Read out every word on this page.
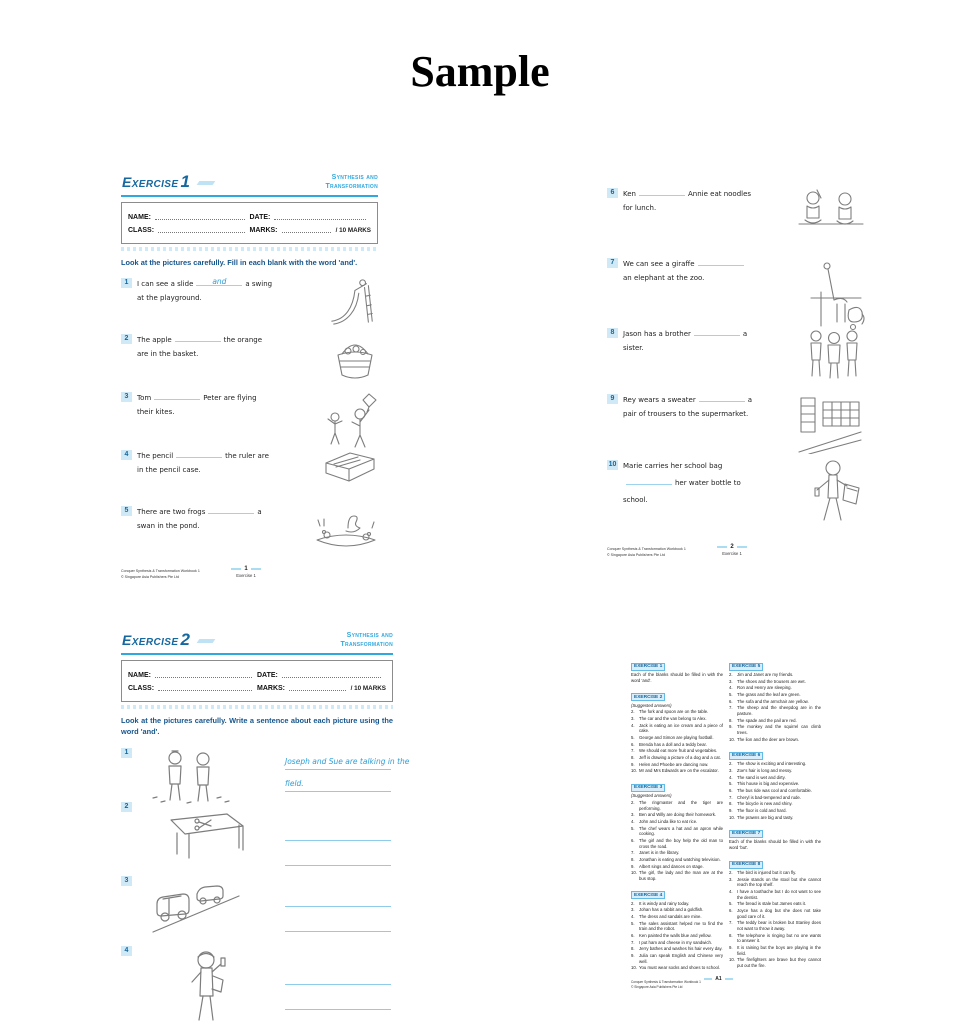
Sample
Exercise 1	Synthesis and
Transformation
NAME:	DATE:
CLASS:	MARKS:	/ 10 MARKS
Look at the pictures carefully. Fill in each blank with the word 'and'.
1	I can see a slide	and	a swing
at the playground.
2	The apple	the orange
are in the basket.
3	Tom	Peter are flying
their kites.
4	The pencil	the ruler are
in the pencil case.
5	There are two frogs	a
swan in the pond.
Conquer Synthesis & Transformation Workbook 1
© Singapore Asia Publishers Pte Ltd
1
Exercise 1
6	Ken	Annie eat noodles
for lunch.
7	We can see a giraffe
an elephant at the zoo.
8	Jason has a brother	a
sister.
9	Rey wears a sweater	a
pair of trousers to the supermarket.
10 Marie carries her school bag
her water bottle to
school.
Conquer Synthesis & Transformation Workbook 1
© Singapore Asia Publishers Pte Ltd
2
Exercise 1
Exercise 2	Synthesis and
Transformation
NAME:	DATE:
CLASS:	MARKS:	/ 10 MARKS
Look at the pictures carefully. Write a sentence about each picture using the word 'and'.
1
Joseph and Sue are talking in the
field.
2
3
4
EXERCISE 1
Each of the blanks should be filled in with the word 'and'.
EXERCISE 2
(Suggested answers)
2.	The fork and spoon are on the table.
3.	The car and the van belong to Alex.
4.	Jack is eating an ice cream and a piece of cake.
5.	George and Simon are playing football.
6.	Brenda has a doll and a teddy bear.
7.	We should eat more fruit and vegetables.
8.	Jeff is drawing a picture of a dog and a cat.
9.	Helen and Phoebe are dancing now.
10. Mr and Mrs Edwards are on the escalator.
EXERCISE 3
(Suggested answers)
2.	The ringmaster and the tiger are performing.
3.	Ben and Willy are doing their homework.
4.	John and Linda like to eat rice.
5.	The chef wears a hat and an apron while cooking.
6.	The girl and the boy help the old man to cross the road.
7.	Janet is in the library.
8.	Jonathan is eating and watching television.
9.	Albert sings and dances on stage.
10. The girl, the lady and the man are at the bus stop.
EXERCISE 4
2.	It is windy and rainy today.
3.	Johan has a rabbit and a goldfish.
4.	The dress and sandals are mine.
5.	The sales assistant helped me to find the train and the robot.
6.	Ken painted the walls blue and yellow.
7.	I put ham and cheese in my sandwich.
8.	Jerry bathes and washes his hair every day.
9.	Julia can speak English and Chinese very well.
10. You must wear socks and shoes to school.
EXERCISE 5
2.	Jim and Janet are my friends.
3.	The shoes and the trousers are wet.
4.	Ron and Henry are sleeping.
5.	The grass and the leaf are green.
6.	The sofa and the armchair are yellow.
7.	The sheep and the sheepdog are in the pasture.
8.	The spade and the pail are red.
9.	The monkey and the squirrel can climb trees.
10. The lion and the deer are brown.
EXERCISE 6
2.	The show is exciting and interesting.
3.	Zoe's hair is long and messy.
4.	The sand is wet and dirty.
5.	This house is big and expensive.
6.	The bus ride was cool and comfortable.
7.	Cheryl is bad-tempered and rude.
8.	The bicycle is new and shiny.
9.	The floor is cold and hard.
10. The prawns are big and tasty.
EXERCISE 7
Each of the blanks should be filled in with the word 'but'.
EXERCISE 8
2.	The bird is injured but it can fly.
3.	Jessie stands on the stool but she cannot reach the top shelf.
4.	I have a toothache but I do not want to see the dentist.
5.	The bread is stale but James eats it.
6.	Joyce has a dog but she does not take good care of it.
7.	The teddy bear is broken but Stanley does not want to throw it away.
8.	The telephone is ringing but no one wants to answer it.
9.	It is raining but the boys are playing in the field.
10. The firefighters are brave but they cannot put out the fire.
Conquer Synthesis & Transformation Workbook 1
© Singapore Asia Publishers Pte Ltd
A1
